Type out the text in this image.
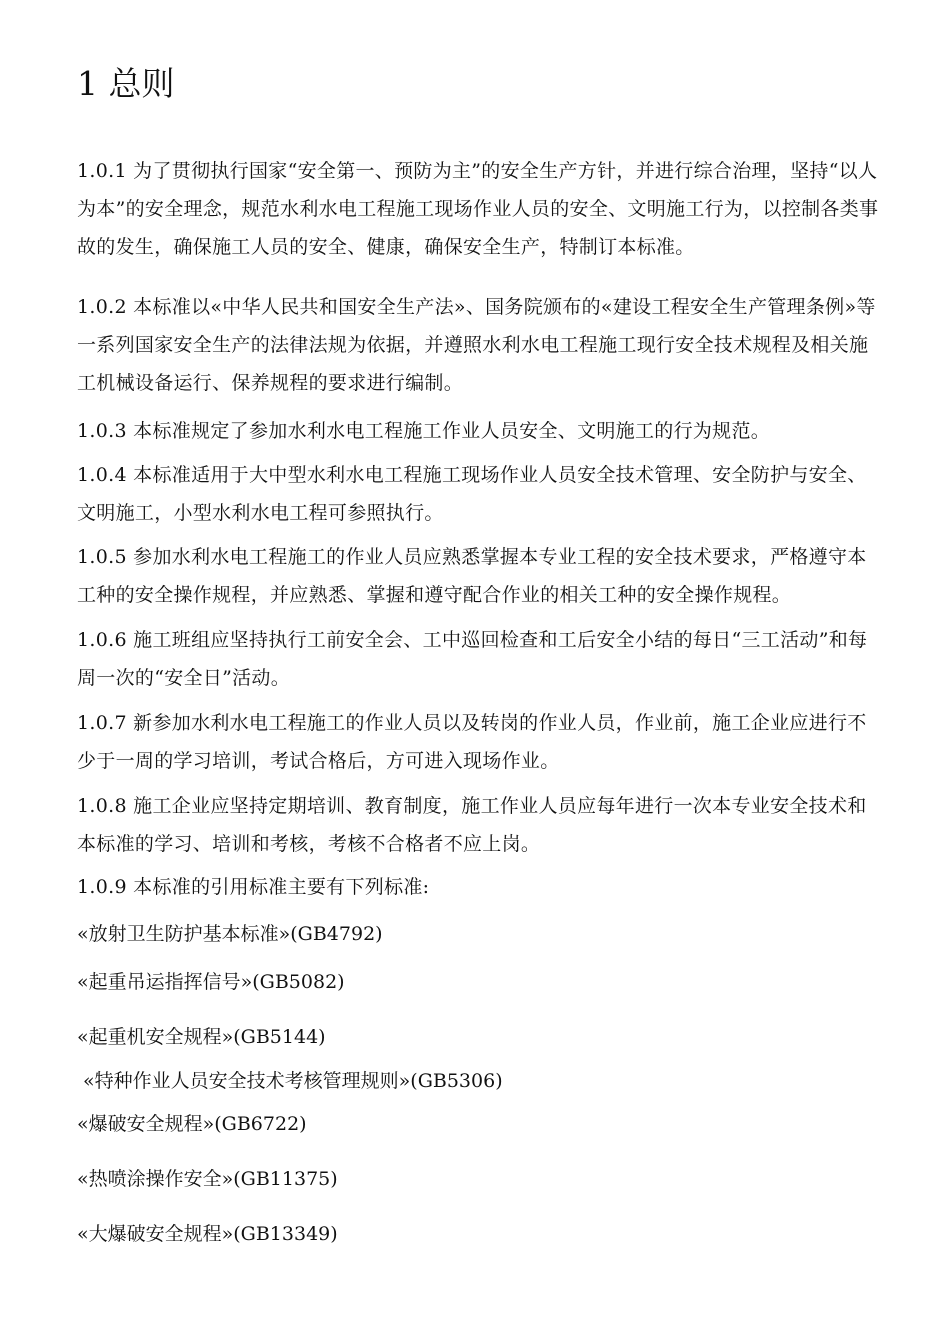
1 总则

1.0.1 为了贯彻执行国家“安全第一、预防为主”的安全生产方针，并进行综合治理，坚持“以人为本”的安全理念，规范水利水电工程施工现场作业人员的安全、文明施工行为，以控制各类事故的发生，确保施工人员的安全、健康，确保安全生产，特制订本标准。

1.0.2 本标准以«中华人民共和国安全生产法»、国务院颁布的«建设工程安全生产管理条例»等一系列国家安全生产的法律法规为依据，并遵照水利水电工程施工现行安全技术规程及相关施工机械设备运行、保养规程的要求进行编制。

1.0.3 本标准规定了参加水利水电工程施工作业人员安全、文明施工的行为规范。

1.0.4 本标准适用于大中型水利水电工程施工现场作业人员安全技术管理、安全防护与安全、文明施工，小型水利水电工程可参照执行。

1.0.5 参加水利水电工程施工的作业人员应熟悉掌握本专业工程的安全技术要求，严格遵守本工种的安全操作规程，并应熟悉、掌握和遵守配合作业的相关工种的安全操作规程。

1.0.6 施工班组应坚持执行工前安全会、工中巡回检查和工后安全小结的每日“三工活动”和每周一次的“安全日”活动。

1.0.7 新参加水利水电工程施工的作业人员以及转岗的作业人员，作业前，施工企业应进行不少于一周的学习培训，考试合格后，方可进入现场作业。

1.0.8 施工企业应坚持定期培训、教育制度，施工作业人员应每年进行一次本专业安全技术和本标准的学习、培训和考核，考核不合格者不应上岗。

1.0.9 本标准的引用标准主要有下列标准:

«放射卫生防护基本标准»(GB4792)

«起重吊运指挥信号»(GB5082)

«起重机安全规程»(GB5144)

«特种作业人员安全技术考核管理规则»(GB5306)

«爆破安全规程»(GB6722)

«热喷涂操作安全»(GB11375)

«大爆破安全规程»(GB13349)
